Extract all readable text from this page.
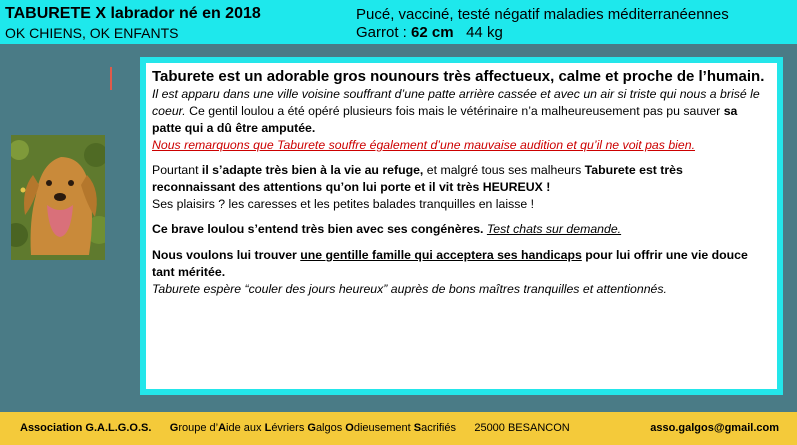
TABURETE X labrador né en 2018
OK CHIENS, OK ENFANTS
Pucé, vacciné, testé négatif maladies méditerranéennes
Garrot : 62 cm 44 kg

Taburete est un adorable gros nounours très affectueux, calme et proche de l’humain. Il est apparu dans une ville voisine souffrant d’une patte arrière cassée et avec un air si triste qui nous a brisé le coeur. Ce gentil loulou a été opéré plusieurs fois mais le vétérinaire n’a malheureusement pas pu sauver sa patte qui a dû être amputée.

Nous remarquons que Taburete souffre également d’une mauvaise audition et qu’il ne voit pas bien.

Pourtant il s’adapte très bien à la vie au refuge, et malgré tous ses malheurs Taburete est très reconnaissant des attentions qu’on lui porte et il vit très HEUREUX !

Ses plaisirs ? les caresses et les petites balades tranquilles en laisse !

Ce brave loulou s’entend très bien avec ses congénères. Test chats sur demande.

Nous voulons lui trouver une gentille famille qui acceptera ses handicaps pour lui offrir une vie douce tant méritée.

Taburete espère “couler des jours heureux” auprès de bons maîtres tranquilles et attentionnés.

Association G.A.L.G.O.S. Groupe d’Aide aux Lévriers Galgos Odieusement Sacrifiés 25000 BESANCON	asso.galgos@gmail.com
